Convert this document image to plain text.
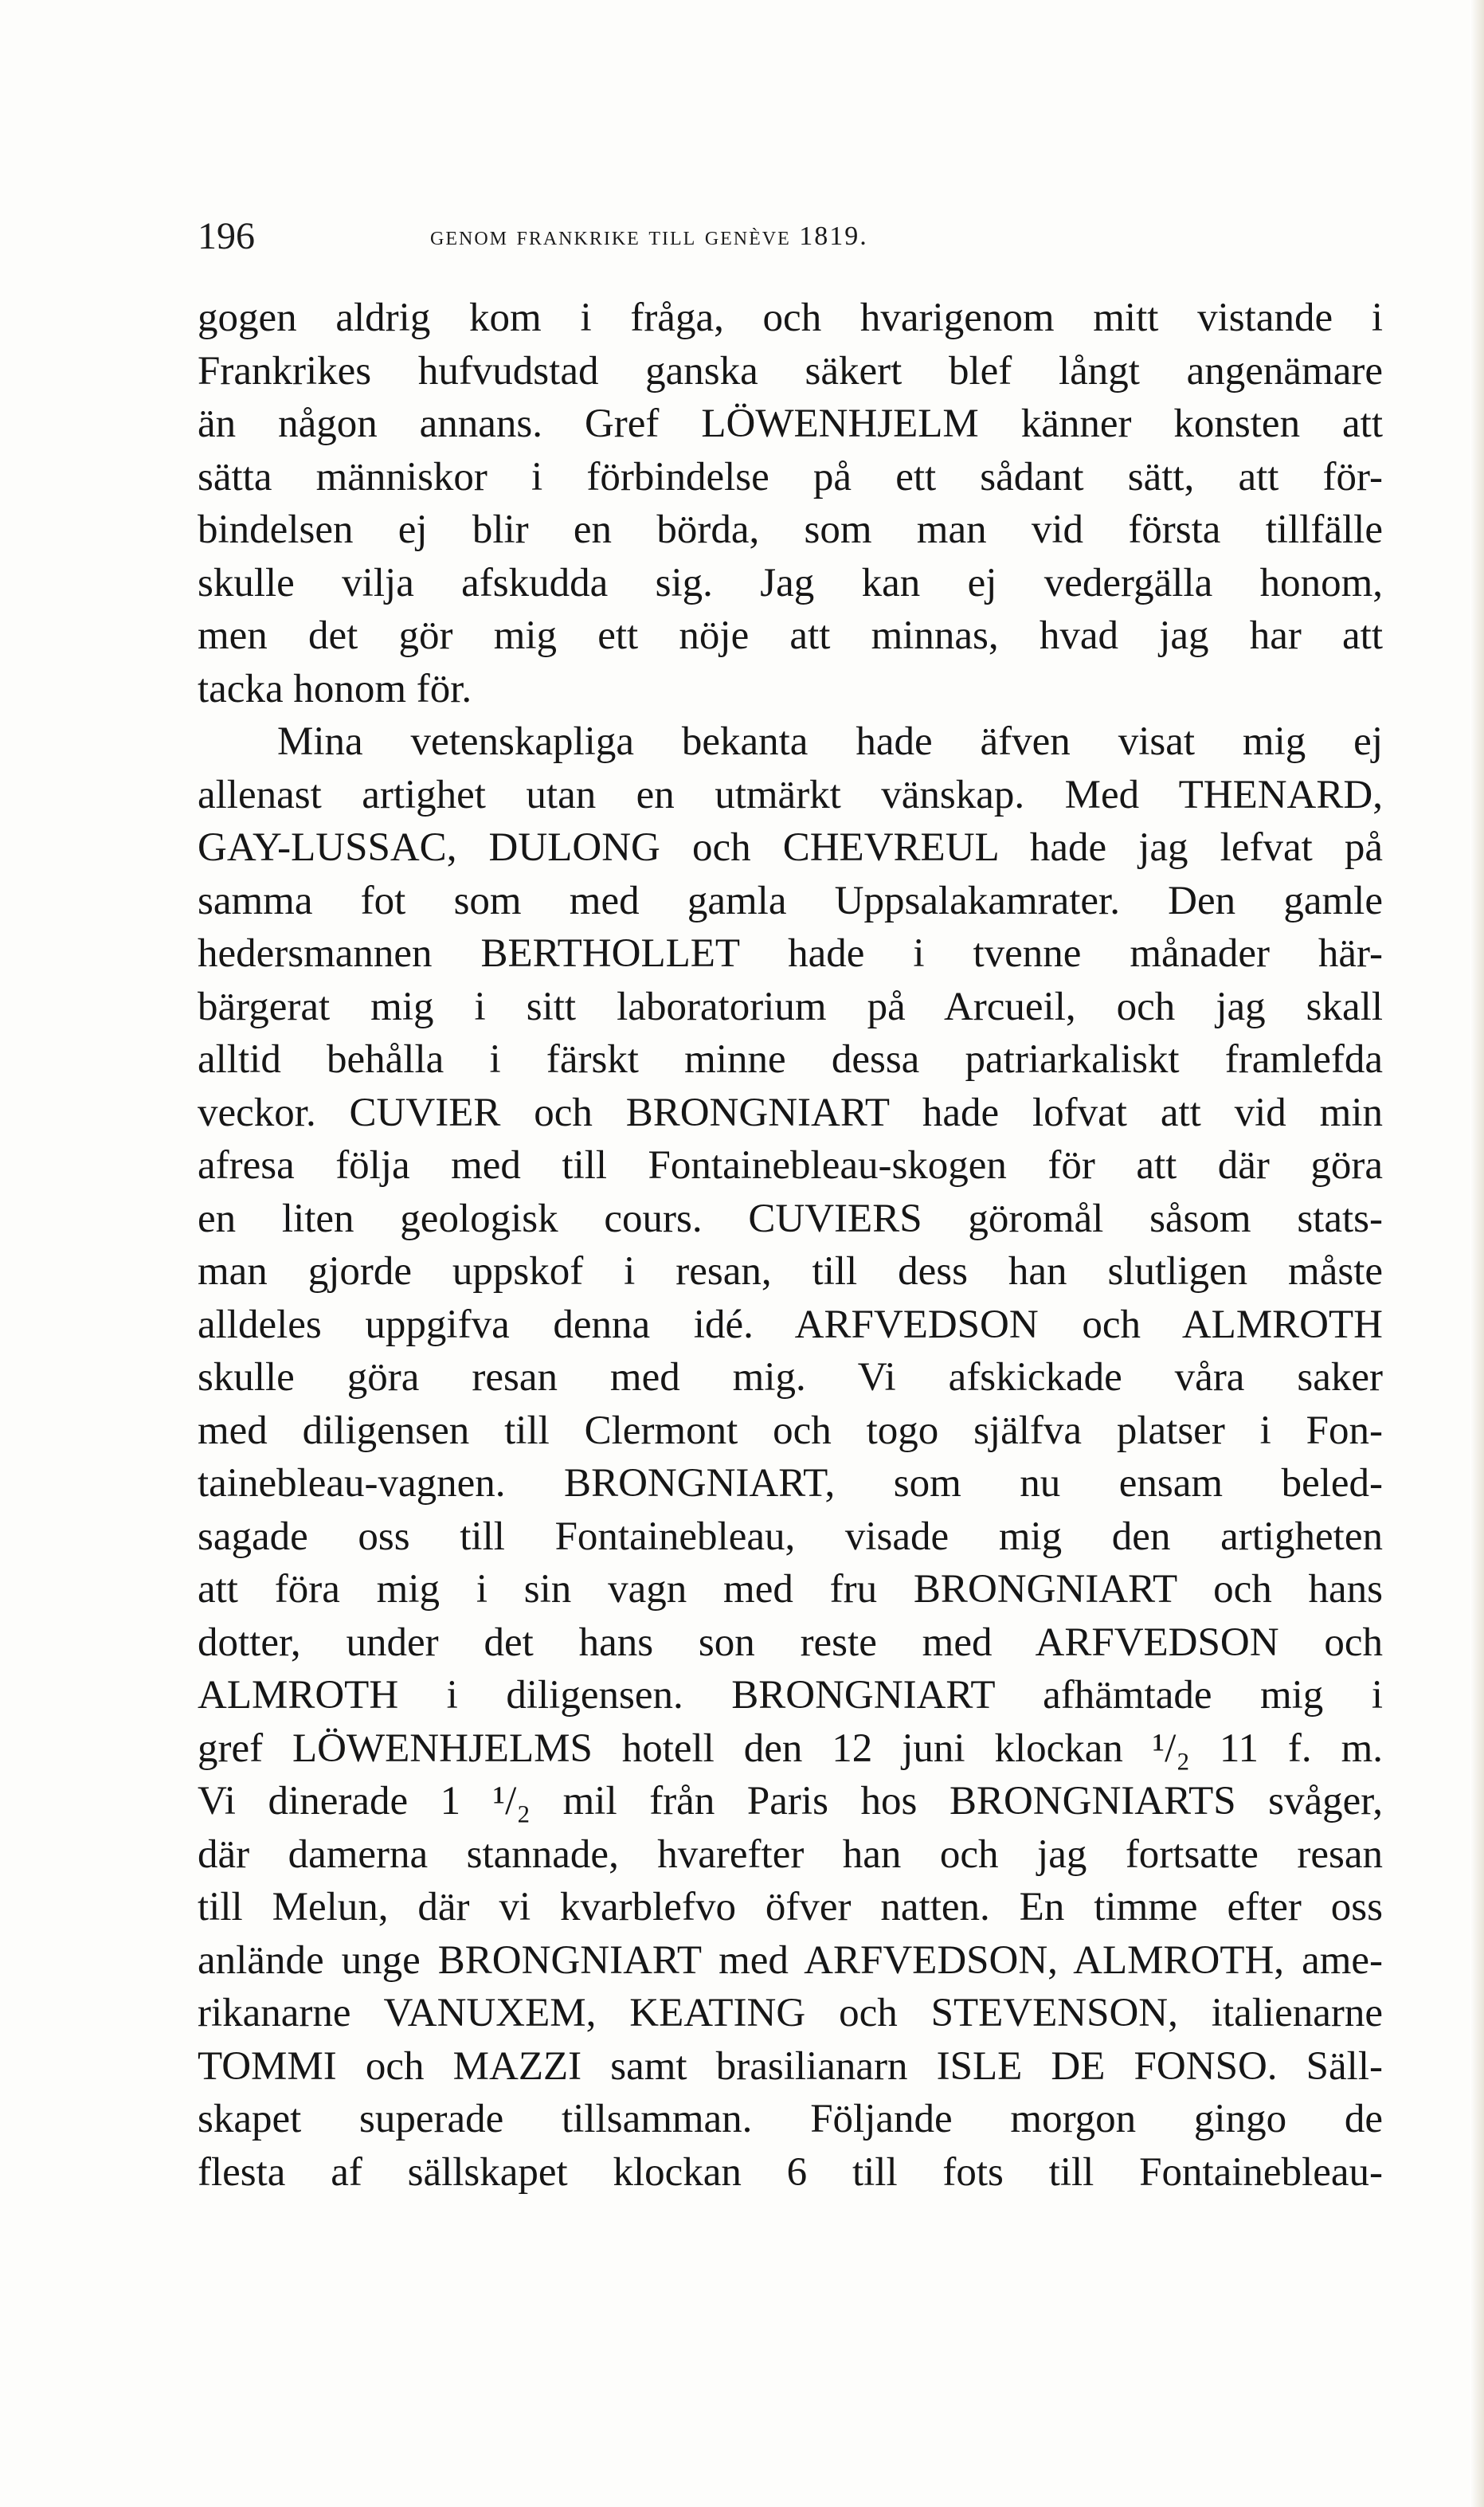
196	genom frankrike till genève 1819.
gogen aldrig kom i fråga, och hvarigenom mitt vistande i
Frankrikes hufvudstad ganska säkert blef långt angenämare
än någon annans. Gref LÖWENHJELM känner konsten att
sätta människor i förbindelse på ett sådant sätt, att för-
bindelsen ej blir en börda, som man vid första tillfälle
skulle vilja afskudda sig. Jag kan ej vedergälla honom,
men det gör mig ett nöje att minnas, hvad jag har att
tacka honom för.
Mina vetenskapliga bekanta hade äfven visat mig ej
allenast artighet utan en utmärkt vänskap. Med THENARD,
GAY-LUSSAC, DULONG och CHEVREUL hade jag lefvat på
samma fot som med gamla Uppsalakamrater. Den gamle
hedersmannen BERTHOLLET hade i tvenne månader här-
bärgerat mig i sitt laboratorium på Arcueil, och jag skall
alltid behålla i färskt minne dessa patriarkaliskt framlefda
veckor. CUVIER och BRONGNIART hade lofvat att vid min
afresa följa med till Fontainebleau-skogen för att där göra
en liten geologisk cours. CUVIERS göromål såsom stats-
man gjorde uppskof i resan, till dess han slutligen måste
alldeles uppgifva denna idé. ARFVEDSON och ALMROTH
skulle göra resan med mig. Vi afskickade våra saker
med diligensen till Clermont och togo själfva platser i Fon-
tainebleau-vagnen. BRONGNIART, som nu ensam beled-
sagade oss till Fontainebleau, visade mig den artigheten
att föra mig i sin vagn med fru BRONGNIART och hans
dotter, under det hans son reste med ARFVEDSON och
ALMROTH i diligensen. BRONGNIART afhämtade mig i
gref LÖWENHJELMS hotell den 12 juni klockan ¹/₂ 11 f. m.
Vi dinerade 1 ¹/₂ mil från Paris hos BRONGNIARTS svåger,
där damerna stannade, hvarefter han och jag fortsatte resan
till Melun, där vi kvarblefvo öfver natten. En timme efter oss
anlände unge BRONGNIART med ARFVEDSON, ALMROTH, ame-
rikanarne VANUXEM, KEATING och STEVENSON, italienarne
TOMMI och MAZZI samt brasilianarn ISLE DE FONSO. Säll-
skapet superade tillsamman. Följande morgon gingo de
flesta af sällskapet klockan 6 till fots till Fontainebleau-
